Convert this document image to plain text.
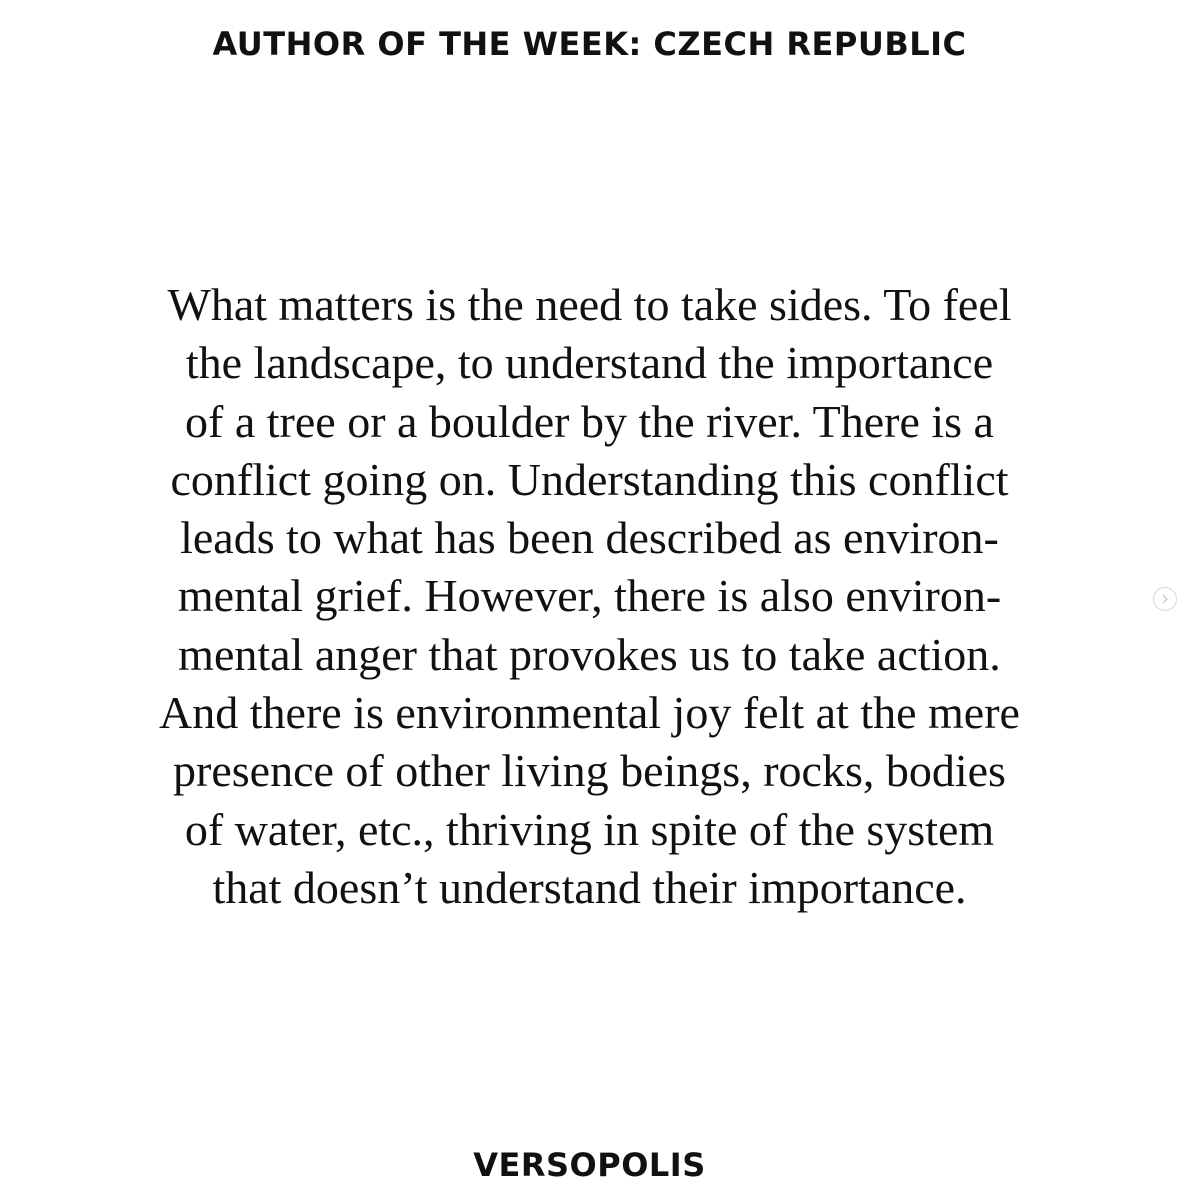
AUTHOR OF THE WEEK: CZECH REPUBLIC
What matters is the need to take sides. To feel
the landscape, to understand the importance
of a tree or a boulder by the river. There is a
conflict going on. Understanding this conflict
leads to what has been described as environ-
mental grief. However, there is also environ-
mental anger that provokes us to take action.
And there is environmental joy felt at the mere
presence of other living beings, rocks, bodies
of water, etc., thriving in spite of the system
that doesn’t understand their importance.
VERSOPOLIS
